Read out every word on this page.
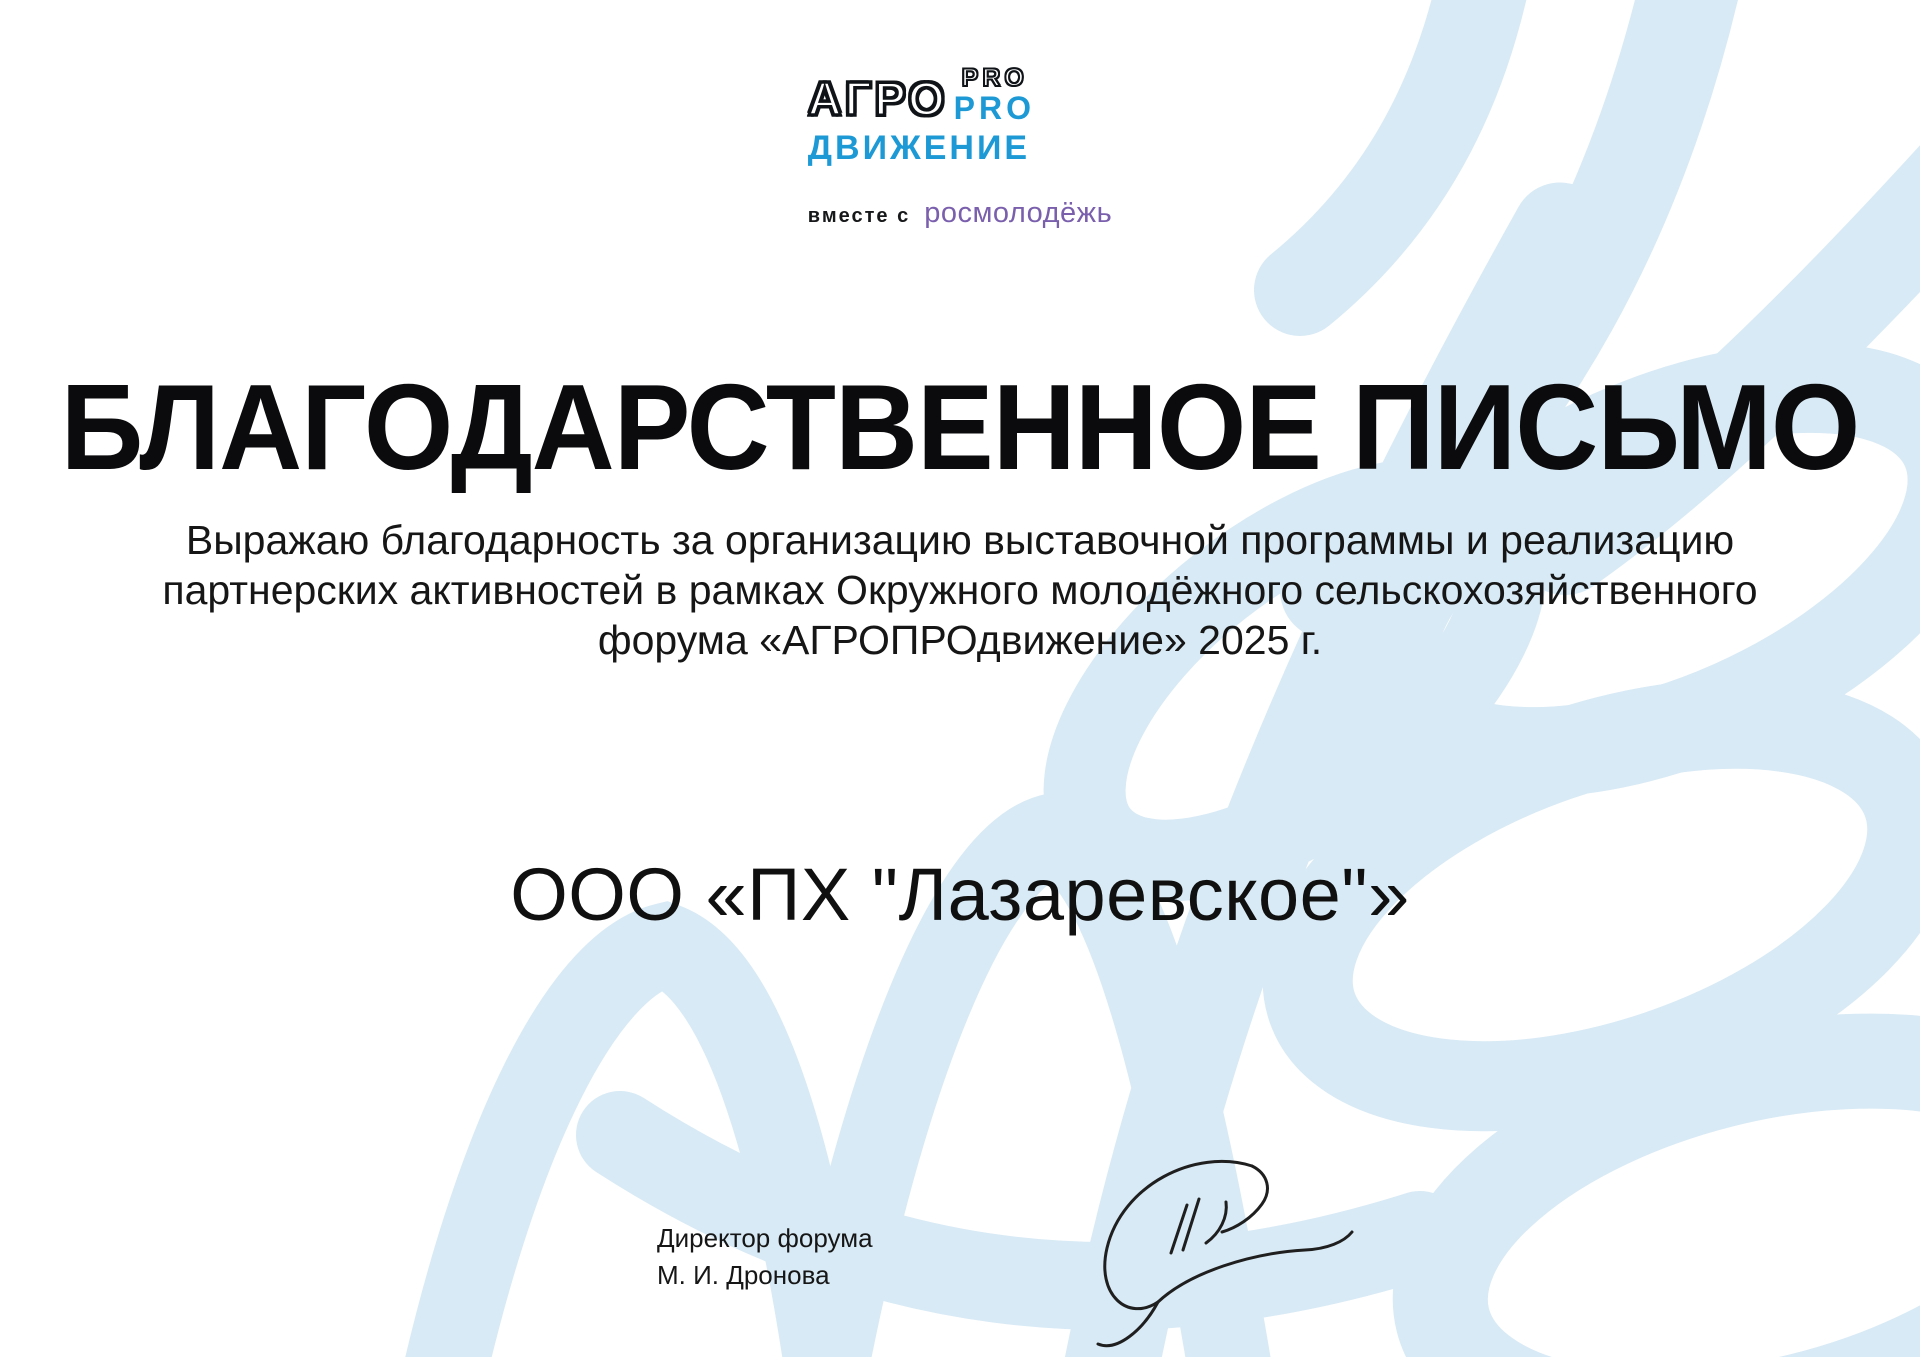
АГРО PRO
PRO
ДВИЖЕНИЕ
вместе с росмолодёжь
БЛАГОДАРСТВЕННОЕ ПИСЬМО
Выражаю благодарность за организацию выставочной программы и реализацию
партнерских активностей в рамках Окружного молодёжного сельскохозяйственного
форума «АГРОПРОдвижение» 2025 г.
ООО «ПХ "Лазаревское"»
Директор форума
М. И. Дронова
